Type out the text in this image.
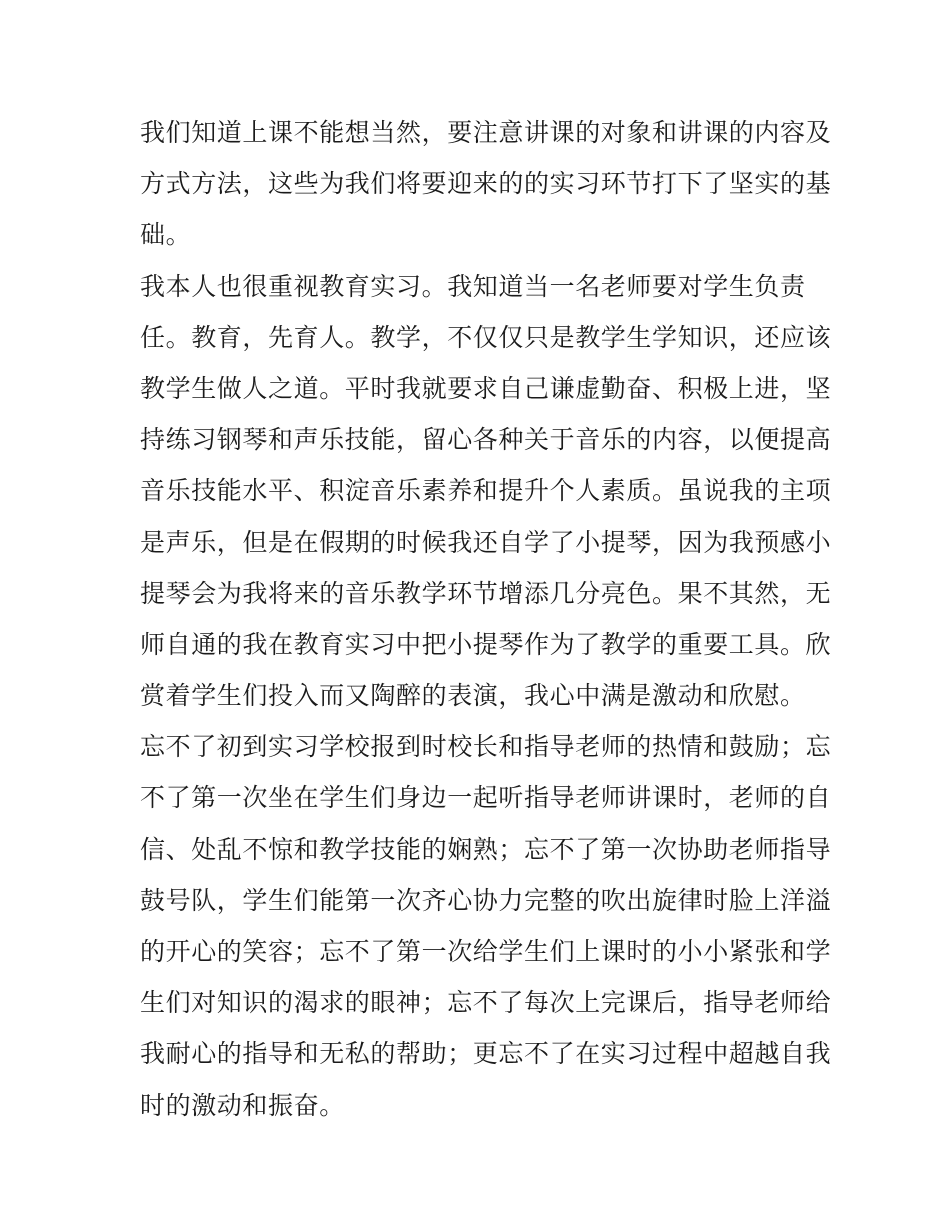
我们知道上课不能想当然，要注意讲课的对象和讲课的内容及
方式方法，这些为我们将要迎来的的实习环节打下了坚实的基
础。
我本人也很重视教育实习。我知道当一名老师要对学生负责
任。教育，先育人。教学，不仅仅只是教学生学知识，还应该
教学生做人之道。平时我就要求自己谦虚勤奋、积极上进，坚
持练习钢琴和声乐技能，留心各种关于音乐的内容，以便提高
音乐技能水平、积淀音乐素养和提升个人素质。虽说我的主项
是声乐，但是在假期的时候我还自学了小提琴，因为我预感小
提琴会为我将来的音乐教学环节增添几分亮色。果不其然，无
师自通的我在教育实习中把小提琴作为了教学的重要工具。欣
赏着学生们投入而又陶醉的表演，我心中满是激动和欣慰。
忘不了初到实习学校报到时校长和指导老师的热情和鼓励；忘
不了第一次坐在学生们身边一起听指导老师讲课时，老师的自
信、处乱不惊和教学技能的娴熟；忘不了第一次协助老师指导
鼓号队，学生们能第一次齐心协力完整的吹出旋律时脸上洋溢
的开心的笑容；忘不了第一次给学生们上课时的小小紧张和学
生们对知识的渴求的眼神；忘不了每次上完课后，指导老师给
我耐心的指导和无私的帮助；更忘不了在实习过程中超越自我
时的激动和振奋。
